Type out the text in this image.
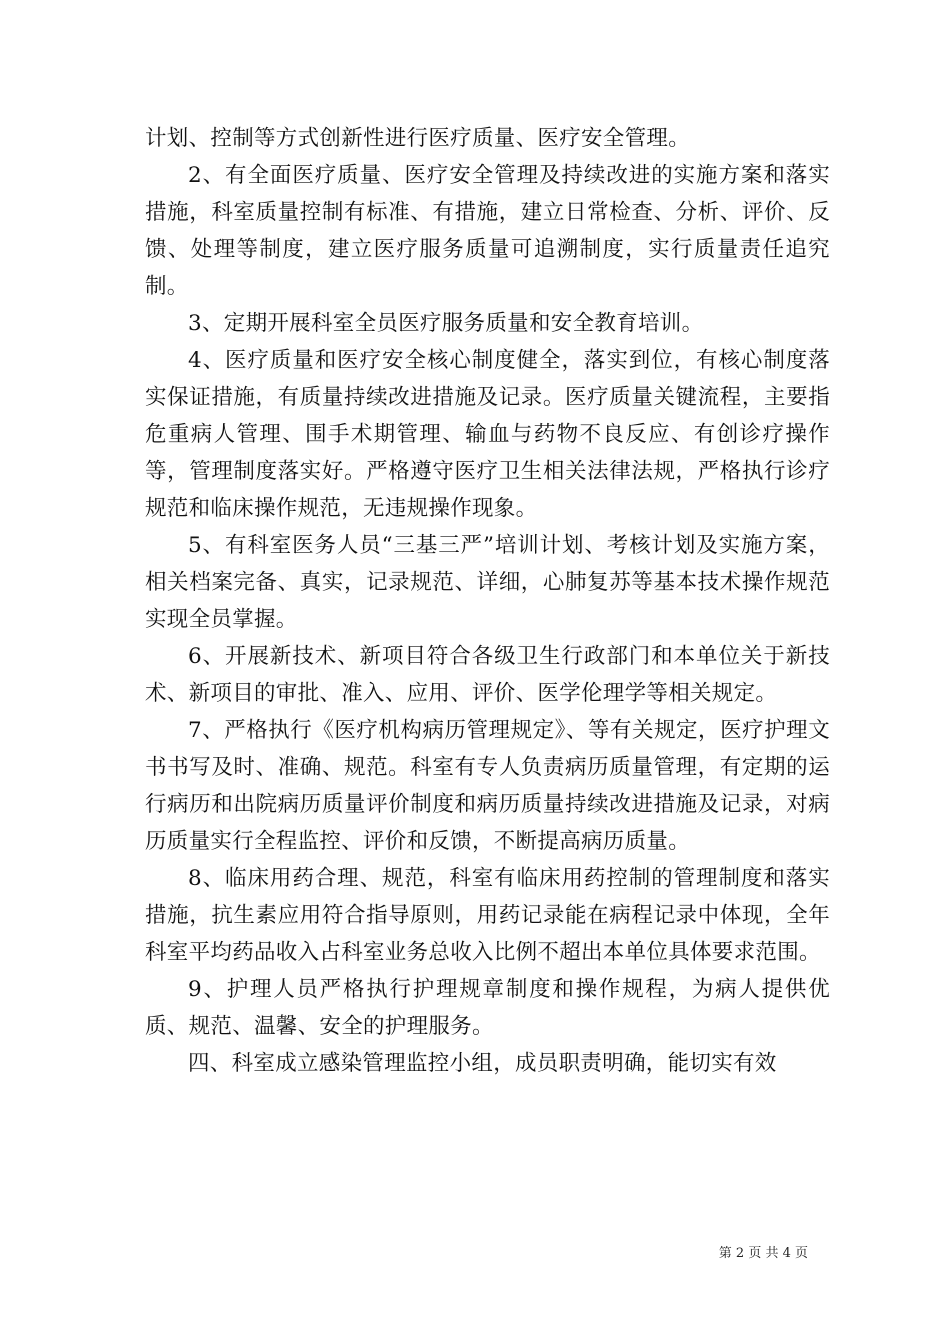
计划、控制等方式创新性进行医疗质量、医疗安全管理。

2、有全面医疗质量、医疗安全管理及持续改进的实施方案和落实措施，科室质量控制有标准、有措施，建立日常检查、分析、评价、反馈、处理等制度，建立医疗服务质量可追溯制度，实行质量责任追究制。

3、定期开展科室全员医疗服务质量和安全教育培训。

4、医疗质量和医疗安全核心制度健全，落实到位，有核心制度落实保证措施，有质量持续改进措施及记录。医疗质量关键流程，主要指危重病人管理、围手术期管理、输血与药物不良反应、有创诊疗操作等，管理制度落实好。严格遵守医疗卫生相关法律法规，严格执行诊疗规范和临床操作规范，无违规操作现象。

5、有科室医务人员“三基三严”培训计划、考核计划及实施方案，相关档案完备、真实，记录规范、详细，心肺复苏等基本技术操作规范实现全员掌握。

6、开展新技术、新项目符合各级卫生行政部门和本单位关于新技术、新项目的审批、准入、应用、评价、医学伦理学等相关规定。

7、严格执行《医疗机构病历管理规定》、等有关规定，医疗护理文书书写及时、准确、规范。科室有专人负责病历质量管理，有定期的运行病历和出院病历质量评价制度和病历质量持续改进措施及记录，对病历质量实行全程监控、评价和反馈，不断提高病历质量。

8、临床用药合理、规范，科室有临床用药控制的管理制度和落实措施，抗生素应用符合指导原则，用药记录能在病程记录中体现，全年科室平均药品收入占科室业务总收入比例不超出本单位具体要求范围。

9、护理人员严格执行护理规章制度和操作规程，为病人提供优质、规范、温馨、安全的护理服务。

四、科室成立感染管理监控小组，成员职责明确，能切实有效

第 2 页 共 4 页
